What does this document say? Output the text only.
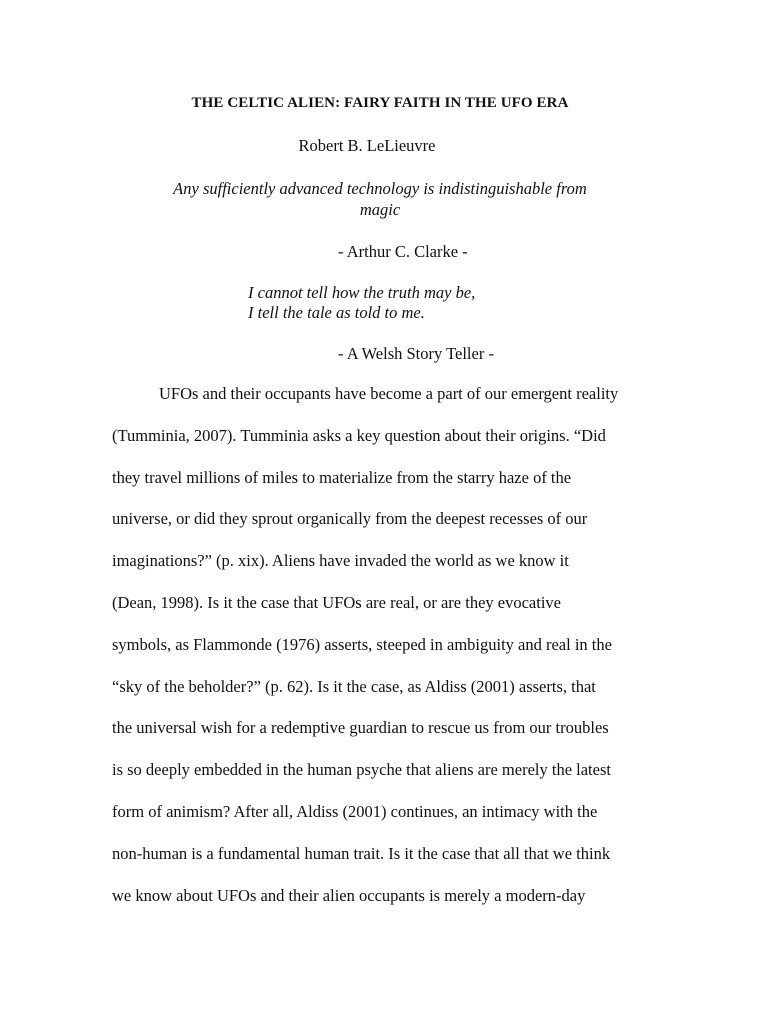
THE CELTIC ALIEN: FAIRY FAITH IN THE UFO ERA
Robert B. LeLieuvre
Any sufficiently advanced technology is indistinguishable from
magic
- Arthur C. Clarke -
I cannot tell how the truth may be,
I tell the tale as told to me.
- A Welsh Story Teller -
UFOs and their occupants have become a part of our emergent reality
(Tumminia, 2007). Tumminia asks a key question about their origins. “Did
they travel millions of miles to materialize from the starry haze of the
universe, or did they sprout organically from the deepest recesses of our
imaginations?” (p. xix). Aliens have invaded the world as we know it
(Dean, 1998). Is it the case that UFOs are real, or are they evocative
symbols, as Flammonde (1976) asserts, steeped in ambiguity and real in the
“sky of the beholder?” (p. 62). Is it the case, as Aldiss (2001) asserts, that
the universal wish for a redemptive guardian to rescue us from our troubles
is so deeply embedded in the human psyche that aliens are merely the latest
form of animism? After all, Aldiss (2001) continues, an intimacy with the
non-human is a fundamental human trait. Is it the case that all that we think
we know about UFOs and their alien occupants is merely a modern-day
